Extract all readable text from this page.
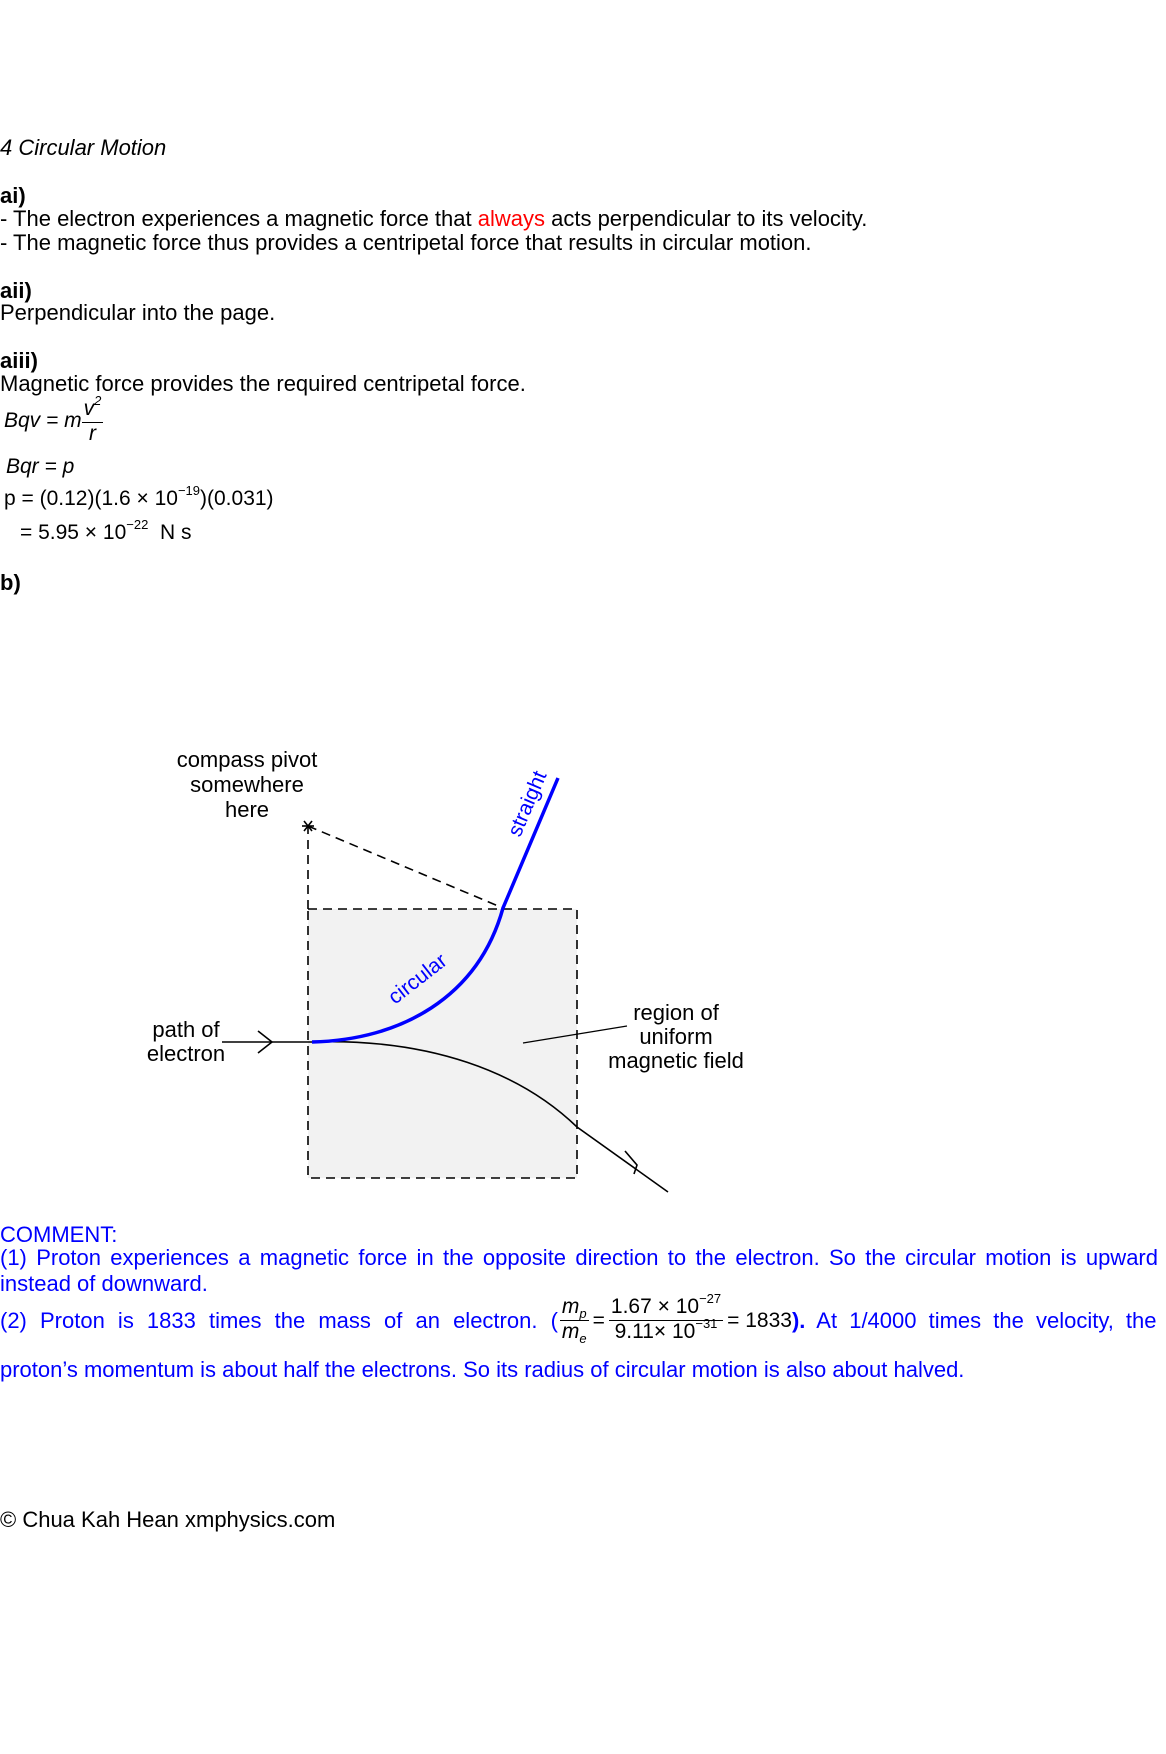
4 Circular Motion
ai)
- The electron experiences a magnetic force that always acts perpendicular to its velocity.
- The magnetic force thus provides a centripetal force that results in circular motion.
aii)
Perpendicular into the page.
aiii)
Magnetic force provides the required centripetal force.
Bqv = m $\frac{v^2}{r}$
Bqr = p
$p = (0.12)(1.6 \times 10^{-19})(0.031)$
= $5.95 \times 10^{-22}$  N s
b)
compass pivot
somewhere
here
path of
electron
region of
uniform
magnetic field
circular
straight
COMMENT:
(1) Proton experiences a magnetic force in the opposite direction to the electron. So the circular motion is upward instead of downward.
(2) Proton is 1833 times the mass of an electron. ( $\frac{m_p}{m_e} = \frac{1.67 \times 10^{-27}}{9.11\times 10^{-31}} = 1833$ ). At 1/4000 times the velocity, the
proton’s momentum is about half the electrons. So its radius of circular motion is also about halved.
© Chua Kah Hean xmphysics.com
